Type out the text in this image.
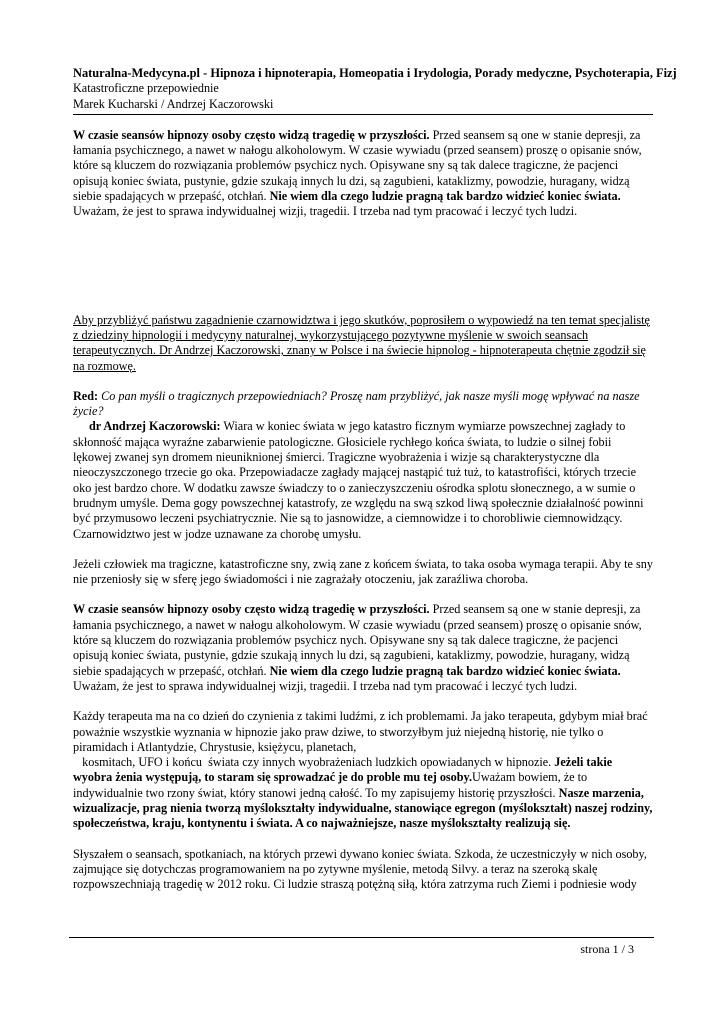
Naturalna-Medycyna.pl - Hipnoza i hipnoterapia, Homeopatia i Irydologia, Porady medyczne, Psychoterapia, Fizj

Katastroficzne przepowiednie

Marek Kucharski / Andrzej Kaczorowski

W czasie seansów hipnozy osoby często widzą tragedię w przyszłości. Przed seansem są one w stanie depresji, za łamania psychicznego, a nawet w nałogu alkoholowym. W czasie wywiadu (przed seansem) proszę o opisanie snów, które są kluczem do rozwiązania problemów psychicz nych. Opisywane sny są tak dalece tragiczne, że pacjenci opisują koniec świata, pustynie, gdzie szukają innych lu dzi, są zagubieni, kataklizmy, powodzie, huragany, widzą siebie spadających w przepaść, otchłań. Nie wiem dla czego ludzie pragną tak bardzo widzieć koniec świata. Uważam, że jest to sprawa indywidualnej wizji, tragedii. I trzeba nad tym pracować i leczyć tych ludzi.

Aby przybliżyć państwu zagadnienie czarnowidztwa i jego skutków, poprosiłem o wypowiedź na ten temat specjalistę z dziedziny hipnologii i medycyny naturalnej, wykorzystującego pozytywne myślenie w swoich seansach terapeutycznych. Dr Andrzej Kaczorowski, znany w Polsce i na świecie hipnolog - hipnoterapeuta chętnie zgodził się na rozmowę.

Red: Co pan myśli o tragicznych przepowiedniach? Proszę nam przybliżyć, jak nasze myśli mogę wpływać na nasze życie?

dr Andrzej Kaczorowski: Wiara w koniec świata w jego katastro ficznym wymiarze powszechnej zagłady to skłonność mająca wyraźne zabarwienie patologiczne. Głosiciele rychłego końca świata, to ludzie o silnej fobii lękowej zwanej syn dromem nieuniknionej śmierci. Tragiczne wyobrażenia i wizje są charakterystyczne dla nieoczyszczonego trzecie go oka. Przepowiadacze zagłady mającej nastąpić tuż tuż, to katastrofiści, których trzecie oko jest bardzo chore. W dodatku zawsze świadczy to o zanieczyszczeniu ośrodka splotu słonecznego, a w sumie o brudnym umyśle. Dema gogy powszechnej katastrofy, ze względu na swą szkod liwą społecznie działalność powinni być przymusowo leczeni psychiatrycznie. Nie są to jasnowidze, a ciemnowidze i to chorobliwie ciemnowidzący. Czarnowidztwo jest w jodze uznawane za chorobę umysłu.

Jeżeli człowiek ma tragiczne, katastroficzne sny, zwią zane z końcem świata, to taka osoba wymaga terapii. Aby te sny nie przeniosły się w sferę jego świadomości i nie zagrażały otoczeniu, jak zaraźliwa choroba.

W czasie seansów hipnozy osoby często widzą tragedię w przyszłości. Przed seansem są one w stanie depresji, za łamania psychicznego, a nawet w nałogu alkoholowym. W czasie wywiadu (przed seansem) proszę o opisanie snów, które są kluczem do rozwiązania problemów psychicz nych. Opisywane sny są tak dalece tragiczne, że pacjenci opisują koniec świata, pustynie, gdzie szukają innych lu dzi, są zagubieni, kataklizmy, powodzie, huragany, widzą siebie spadających w przepaść, otchłań. Nie wiem dla czego ludzie pragną tak bardzo widzieć koniec świata. Uważam, że jest to sprawa indywidualnej wizji, tragedii. I trzeba nad tym pracować i leczyć tych ludzi.

Każdy terapeuta ma na co dzień do czynienia z takimi ludźmi, z ich problemami. Ja jako terapeuta, gdybym miał brać poważnie wszystkie wyznania w hipnozie jako praw dziwe, to stworzyłbym już niejedną historię, nie tylko o piramidach i Atlantydzie, Chrystusie, księżycu, planetach,
kosmitach, UFO i końcu  świata czy innych wyobrażeniach ludzkich opowiadanych w hipnozie. Jeżeli takie wyobra żenia występują, to staram się sprowadzać je do proble mu tej osoby.Uważam bowiem, że to indywidualnie two rzony świat, który stanowi jedną całość. To my zapisujemy historię przyszłości. Nasze marzenia, wizualizacje, prag nienia tworzą myślokształty indywidualne, stanowiące egregon (myślokształt) naszej rodziny, społeczeństwa, kraju, kontynentu i świata. A co najważniejsze, nasze myślokształty realizują się.

Słyszałem o seansach, spotkaniach, na których przewi dywano koniec świata. Szkoda, że uczestniczyły w nich osoby, zajmujące się dotychczas programowaniem na po zytywne myślenie, metodą Silvy. a teraz na szeroką skalę rozpowszechniają tragedię w 2012 roku. Ci ludzie straszą potężną siłą, która zatrzyma ruch Ziemi i podniesie wody

strona 1 / 3
